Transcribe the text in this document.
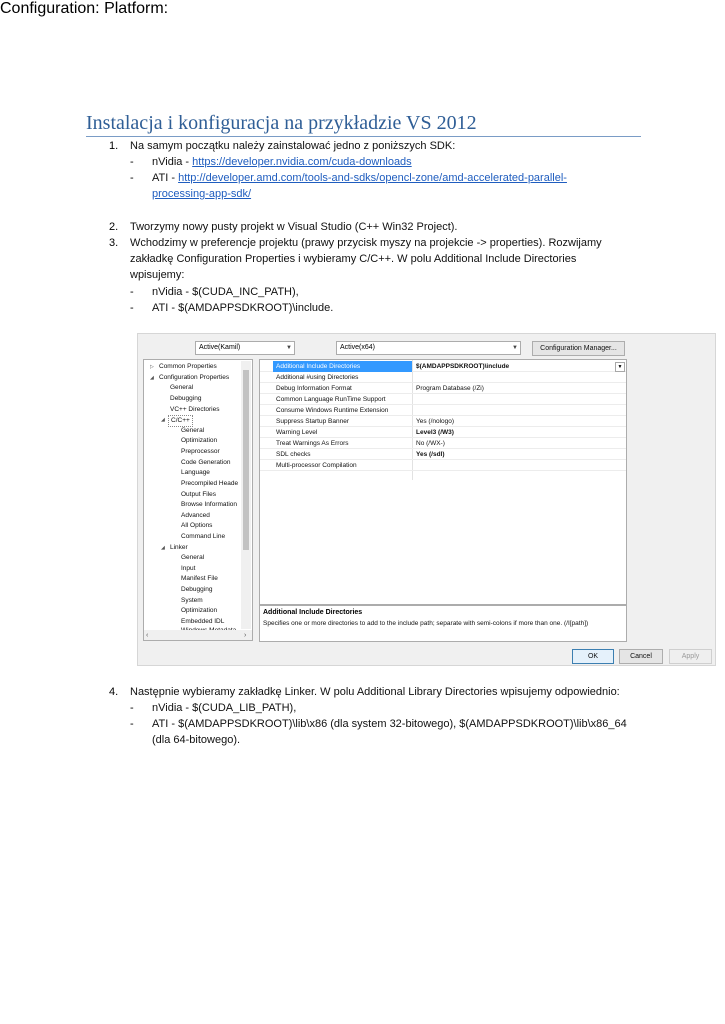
Instalacja i konfiguracja na przykładzie VS 2012
1. Na samym początku należy zainstalować jedno z poniższych SDK:
- nVidia - https://developer.nvidia.com/cuda-downloads
- ATI - http://developer.amd.com/tools-and-sdks/opencl-zone/amd-accelerated-parallel-
processing-app-sdk/
2. Tworzymy nowy pusty projekt w Visual Studio (C++ Win32 Project).
3. Wchodzimy w preferencje projektu (prawy przycisk myszy na projekcie -> properties). Rozwijamy
zakładkę Configuration Properties i wybieramy C/C++. W polu Additional Include Directories
wpisujemy:
- nVidia - $(CUDA_INC_PATH),
- ATI - $(AMDAPPSDKROOT)\include.
Configuration:
Active(Kamil)	▼
Platform:
Active(x64)	▼	Configuration Manager...
▷ Common Properties
◢ Configuration Properties
General
Debugging
VC++ Directories
◢ C/C++
General
Optimization
Preprocessor
Code Generation
Language
Precompiled Heade
Output Files
Browse Information
Advanced
All Options
Command Line
◢ Linker
General
Input
Manifest File
Debugging
System
Optimization
Embedded IDL
‹	›
Additional Include Directories	$(AMDAPPSDKROOT)\include	▼
Additional #using Directories
Debug Information Format	Program Database (/Zi)
Common Language RunTime Support
Consume Windows Runtime Extension
Suppress Startup Banner	Yes (/nologo)
Warning Level	Level3 (/W3)
Treat Warnings As Errors	No (/WX-)
SDL checks	Yes (/sdl)
Multi-processor Compilation
Additional Include Directories
Specifies one or more directories to add to the include path; separate with semi-colons if more than one. (/I[path])
OK
4. Następnie wybieramy zakładkę Linker. W polu Additional Library Directories wpisujemy odpowiednio:
- nVidia - $(CUDA_LIB_PATH),
- ATI - $(AMDAPPSDKROOT)\lib\x86 (dla system 32-bitowego), $(AMDAPPSDKROOT)\lib\x86_64
(dla 64-bitowego).
Cancel	Apply
